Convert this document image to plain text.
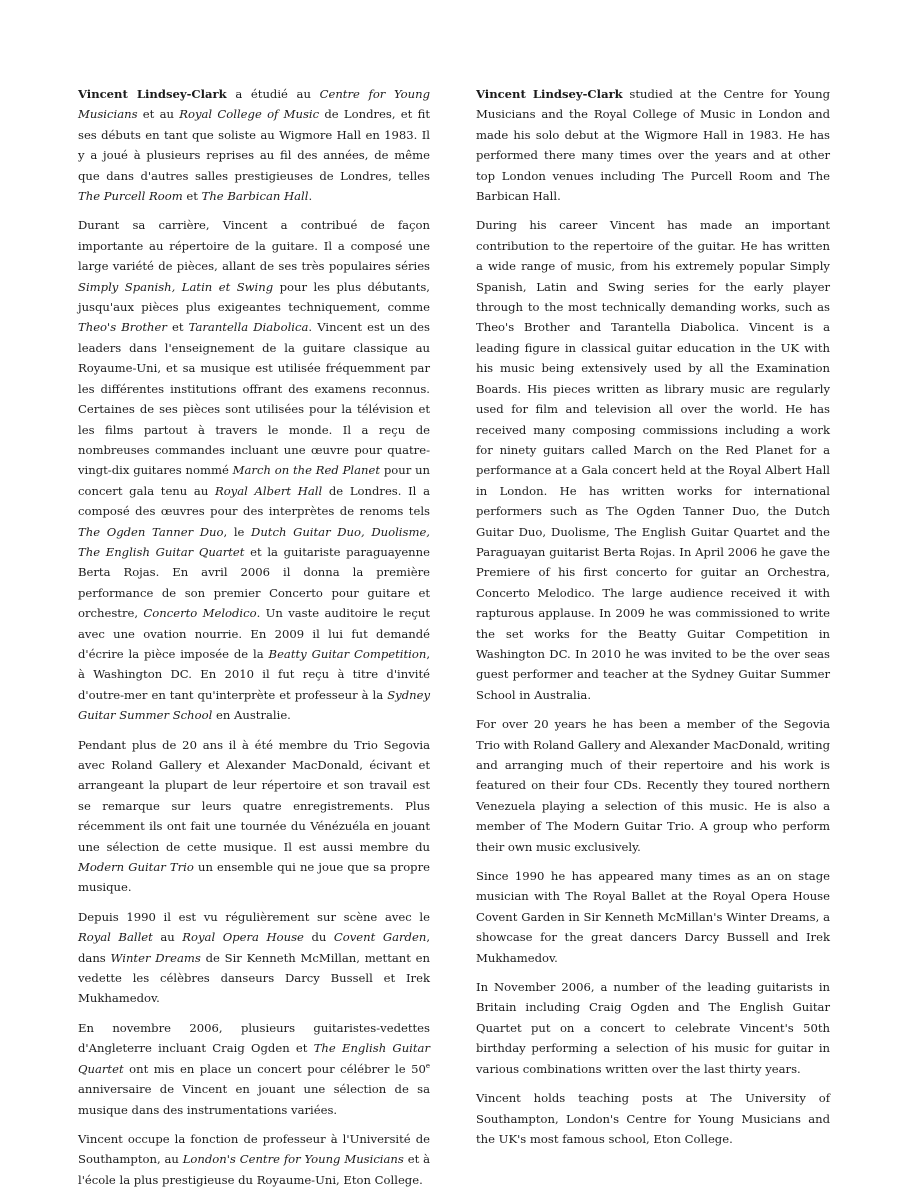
Vincent Lindsey-Clark a étudié au Centre for Young Musicians et au Royal College of Music de Londres, et fit ses débuts en tant que soliste au Wigmore Hall en 1983. Il y a joué à plusieurs reprises au fil des années, de même que dans d'autres salles prestigieuses de Londres, telles The Purcell Room et The Barbican Hall.

Durant sa carrière, Vincent a contribué de façon importante au répertoire de la guitare. Il a composé une large variété de pièces, allant de ses très populaires séries Simply Spanish, Latin et Swing pour les plus débutants, jusqu'aux pièces plus exigeantes techniquement, comme Theo's Brother et Tarantella Diabolica. Vincent est un des leaders dans l'enseignement de la guitare classique au Royaume-Uni, et sa musique est utilisée fréquemment par les différentes institutions offrant des examens reconnus. Certaines de ses pièces sont utilisées pour la télévision et les films partout à travers le monde. Il a reçu de nombreuses commandes incluant une œuvre pour quatre-vingt-dix guitares nommé March on the Red Planet pour un concert gala tenu au Royal Albert Hall de Londres. Il a composé des œuvres pour des interprètes de renoms tels The Ogden Tanner Duo, le Dutch Guitar Duo, Duolisme, The English Guitar Quartet et la guitariste paraguayenne Berta Rojas. En avril 2006 il donna la première performance de son premier Concerto pour guitare et orchestre, Concerto Melodico. Un vaste auditoire le reçut avec une ovation nourrie. En 2009 il lui fut demandé d'écrire la pièce imposée de la Beatty Guitar Competition, à Washington DC. En 2010 il fut reçu à titre d'invité d'outre-mer en tant qu'interprète et professeur à la Sydney Guitar Summer School en Australie.

Pendant plus de 20 ans il à été membre du Trio Segovia avec Roland Gallery et Alexander MacDonald, écivant et arrangeant la plupart de leur répertoire et son travail est se remarque sur leurs quatre enregistrements. Plus récemment ils ont fait une tournée du Vénézuéla en jouant une sélection de cette musique. Il est aussi membre du Modern Guitar Trio un ensemble qui ne joue que sa propre musique.

Depuis 1990 il est vu régulièrement sur scène avec le Royal Ballet au Royal Opera House du Covent Garden, dans Winter Dreams de Sir Kenneth McMillan, mettant en vedette les célèbres danseurs Darcy Bussell et Irek Mukhamedov.

En novembre 2006, plusieurs guitaristes-vedettes d'Angleterre incluant Craig Ogden et The English Guitar Quartet ont mis en place un concert pour célébrer le 50e anniversaire de Vincent en jouant une sélection de sa musique dans des instrumentations variées.

Vincent occupe la fonction de professeur à l'Université de Southampton, au London's Centre for Young Musicians et à l'école la plus prestigieuse du Royaume-Uni, Eton College.

Vincent Lindsey-Clark studied at the Centre for Young Musicians and the Royal College of Music in London and made his solo debut at the Wigmore Hall in 1983. He has performed there many times over the years and at other top London venues including The Purcell Room and The Barbican Hall.

During his career Vincent has made an important contribution to the repertoire of the guitar. He has written a wide range of music, from his extremely popular Simply Spanish, Latin and Swing series for the early player through to the most technically demanding works, such as Theo's Brother and Tarantella Diabolica. Vincent is a leading figure in classical guitar education in the UK with his music being extensively used by all the Examination Boards. His pieces written as library music are regularly used for film and television all over the world. He has received many composing commissions including a work for ninety guitars called March on the Red Planet for a performance at a Gala concert held at the Royal Albert Hall in London. He has written works for international performers such as The Ogden Tanner Duo, the Dutch Guitar Duo, Duolisme, The English Guitar Quartet and the Paraguayan guitarist Berta Rojas. In April 2006 he gave the Premiere of his first concerto for guitar an Orchestra, Concerto Melodico. The large audience received it with rapturous applause. In 2009 he was commissioned to write the set works for the Beatty Guitar Competition in Washington DC. In 2010 he was invited to be the over seas guest performer and teacher at the Sydney Guitar Summer School in Australia.

For over 20 years he has been a member of the Segovia Trio with Roland Gallery and Alexander MacDonald, writing and arranging much of their repertoire and his work is featured on their four CDs. Recently they toured northern Venezuela playing a selection of this music. He is also a member of The Modern Guitar Trio. A group who perform their own music exclusively.

Since 1990 he has appeared many times as an on stage musician with The Royal Ballet at the Royal Opera House Covent Garden in Sir Kenneth McMillan's Winter Dreams, a showcase for the great dancers Darcy Bussell and Irek Mukhamedov.

In November 2006, a number of the leading guitarists in Britain including Craig Ogden and The English Guitar Quartet put on a concert to celebrate Vincent's 50th birthday performing a selection of his music for guitar in various combinations written over the last thirty years.

Vincent holds teaching posts at The University of Southampton, London's Centre for Young Musicians and the UK's most famous school, Eton College.
